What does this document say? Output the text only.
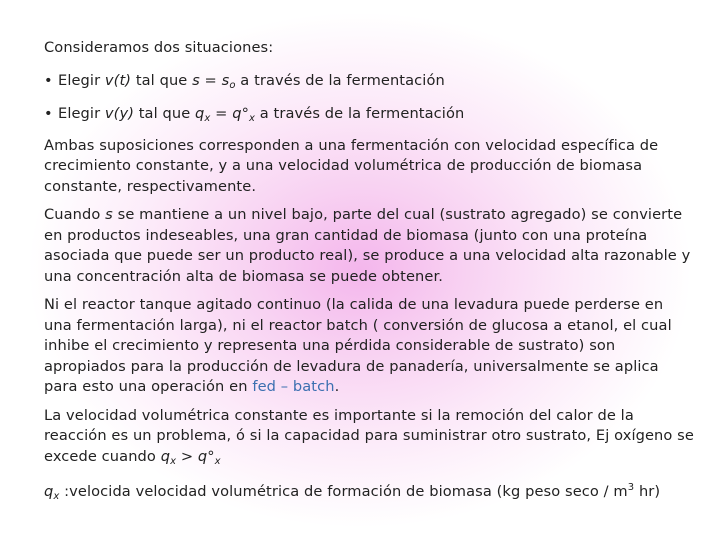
Consideramos dos situaciones:

• Elegir v(t) tal que $s = s_o$ a través de la fermentación

• Elegir v(y) tal que $q_x = q^\circ_x$ a través de la fermentación

Ambas suposiciones corresponden a una fermentación con velocidad específica de crecimiento constante, y a una velocidad volumétrica de producción de biomasa constante, respectivamente.

Cuando s se mantiene a un nivel bajo, parte del cual (sustrato agregado) se convierte en productos indeseables, una gran cantidad de biomasa (junto con una proteína asociada que puede ser un producto real), se produce a una velocidad alta razonable y una concentración alta de biomasa se puede obtener.

Ni el reactor tanque agitado continuo (la calida de una levadura puede perderse en una fermentación larga), ni el reactor batch ( conversión de glucosa a etanol, el cual inhibe el crecimiento y representa una pérdida considerable de sustrato) son apropiados para la producción de levadura de panadería, universalmente se aplica para esto una operación en fed – batch.

La velocidad volumétrica constante es importante si la remoción del calor de la reacción es un problema, ó si la capacidad para suministrar otro sustrato, Ej oxígeno se excede cuando $q_x > q^\circ_x$

$q_x$ :velocida velocidad volumétrica de formación de biomasa (kg peso seco / $m^3$ hr)
